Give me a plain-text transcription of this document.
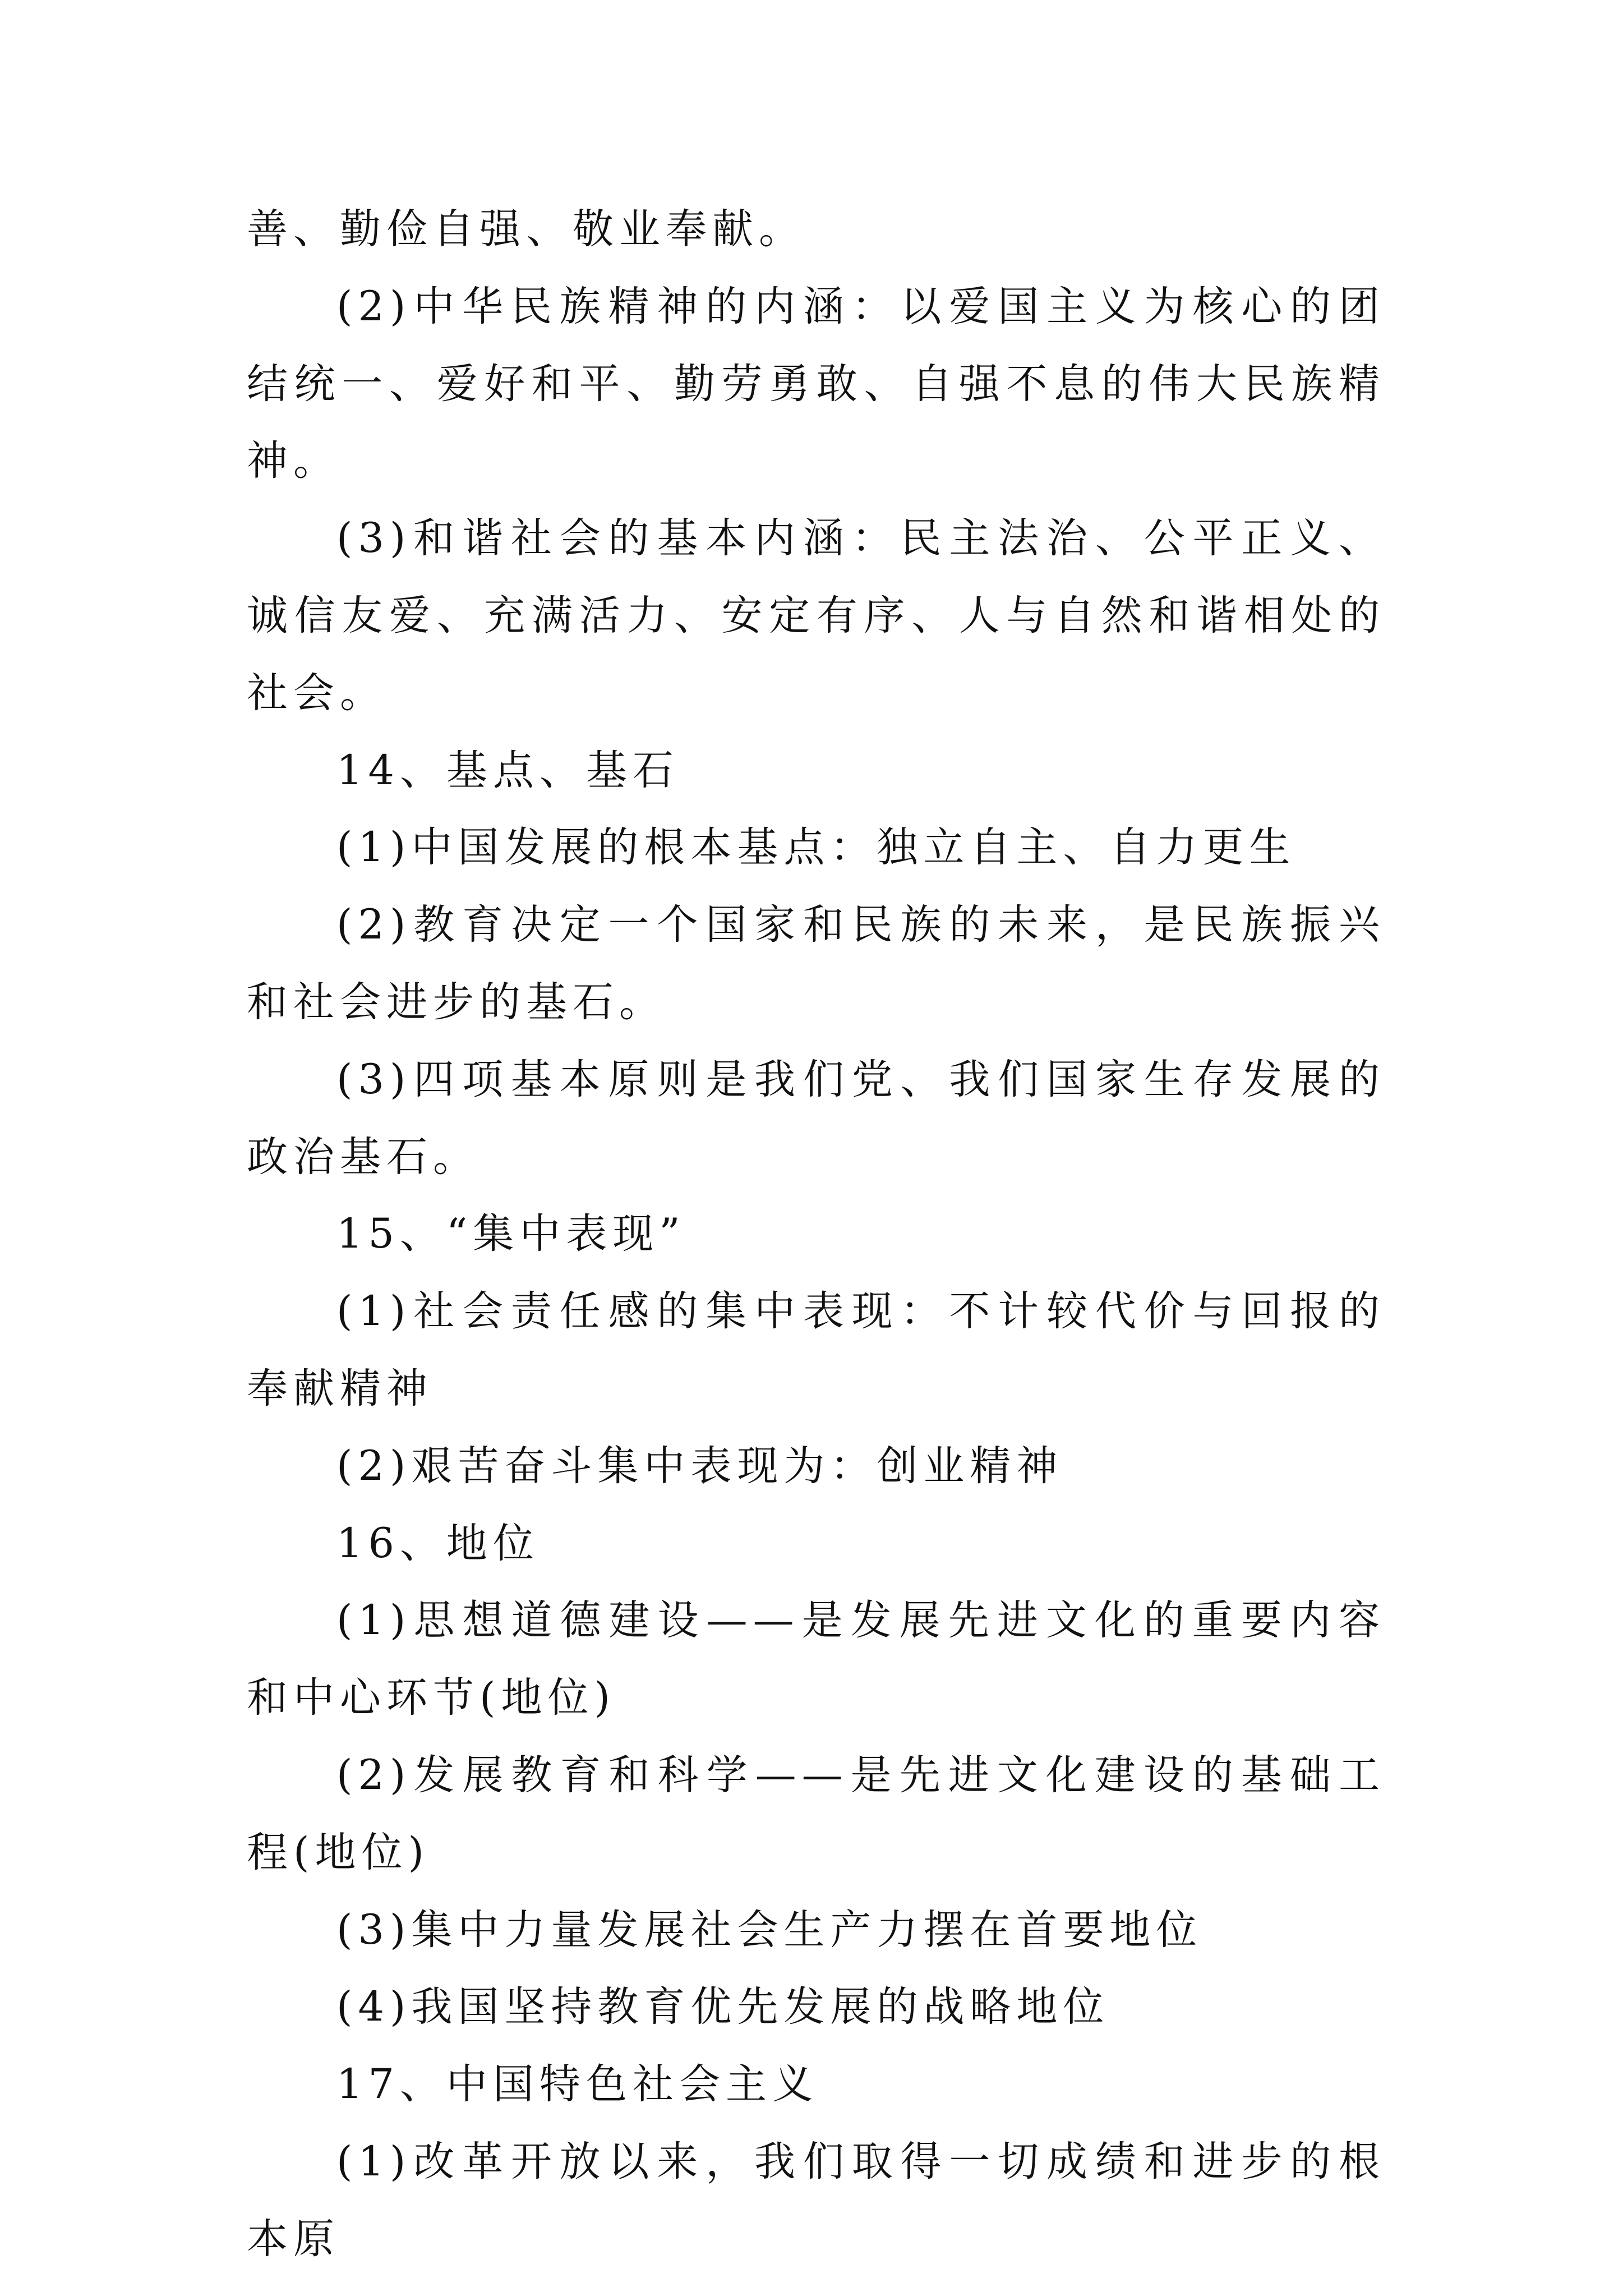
善、勤俭自强、敬业奉献。

(2)中华民族精神的内涵：以爱国主义为核心的团结统一、爱好和平、勤劳勇敢、自强不息的伟大民族精神。

(3)和谐社会的基本内涵：民主法治、公平正义、诚信友爱、充满活力、安定有序、人与自然和谐相处的社会。

14、基点、基石

(1)中国发展的根本基点：独立自主、自力更生

(2)教育决定一个国家和民族的未来，是民族振兴和社会进步的基石。

(3)四项基本原则是我们党、我们国家生存发展的政治基石。

15、“集中表现”

(1)社会责任感的集中表现：不计较代价与回报的奉献精神

(2)艰苦奋斗集中表现为：创业精神

16、地位

(1)思想道德建设——是发展先进文化的重要内容和中心环节(地位)

(2)发展教育和科学——是先进文化建设的基础工程(地位)

(3)集中力量发展社会生产力摆在首要地位

(4)我国坚持教育优先发展的战略地位

17、中国特色社会主义

(1)改革开放以来，我们取得一切成绩和进步的根本原
